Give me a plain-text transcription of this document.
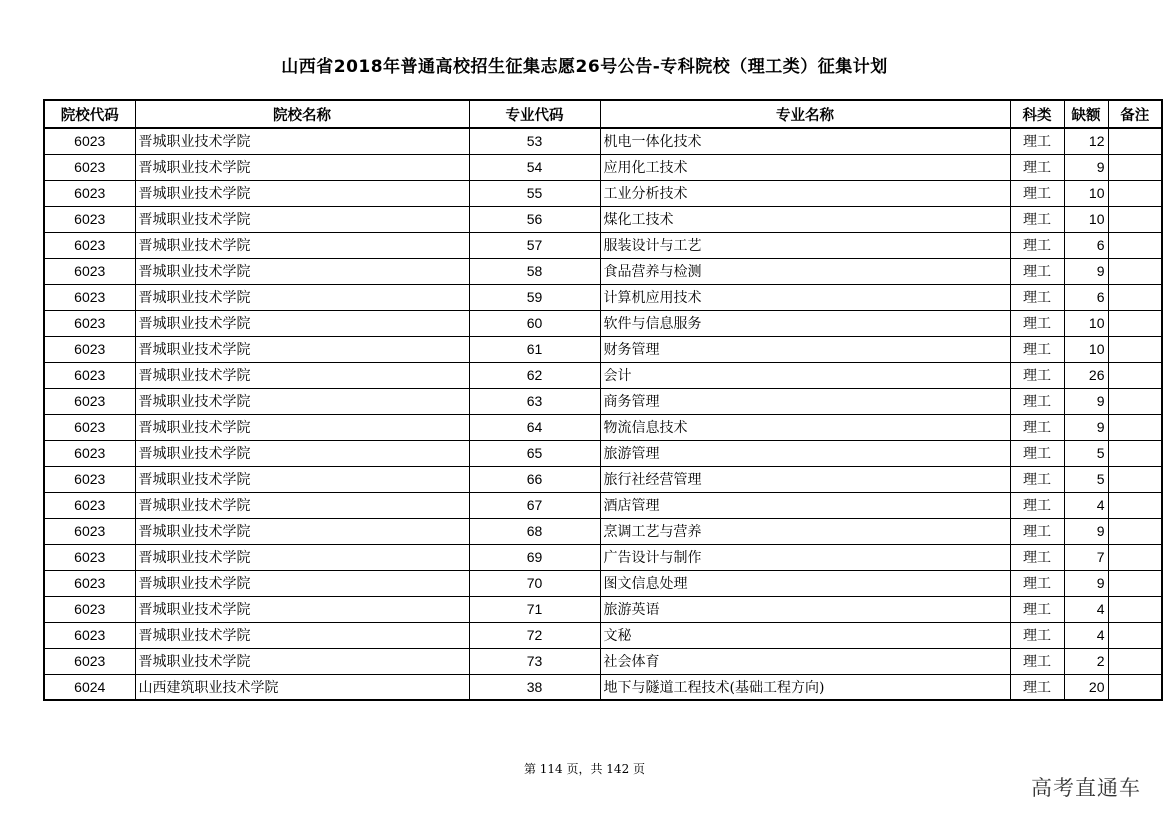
山西省2018年普通高校招生征集志愿26号公告-专科院校（理工类）征集计划
院校代码	院校名称	专业代码	专业名称	科类	缺额	备注
6023	晋城职业技术学院	53	机电一体化技术	理工	12	
6023	晋城职业技术学院	54	应用化工技术	理工	9	
6023	晋城职业技术学院	55	工业分析技术	理工	10	
6023	晋城职业技术学院	56	煤化工技术	理工	10	
6023	晋城职业技术学院	57	服装设计与工艺	理工	6	
6023	晋城职业技术学院	58	食品营养与检测	理工	9	
6023	晋城职业技术学院	59	计算机应用技术	理工	6	
6023	晋城职业技术学院	60	软件与信息服务	理工	10	
6023	晋城职业技术学院	61	财务管理	理工	10	
6023	晋城职业技术学院	62	会计	理工	26	
6023	晋城职业技术学院	63	商务管理	理工	9	
6023	晋城职业技术学院	64	物流信息技术	理工	9	
6023	晋城职业技术学院	65	旅游管理	理工	5	
6023	晋城职业技术学院	66	旅行社经营管理	理工	5	
6023	晋城职业技术学院	67	酒店管理	理工	4	
6023	晋城职业技术学院	68	烹调工艺与营养	理工	9	
6023	晋城职业技术学院	69	广告设计与制作	理工	7	
6023	晋城职业技术学院	70	图文信息处理	理工	9	
6023	晋城职业技术学院	71	旅游英语	理工	4	
6023	晋城职业技术学院	72	文秘	理工	4	
6023	晋城职业技术学院	73	社会体育	理工	2	
6024	山西建筑职业技术学院	38	地下与隧道工程技术(基础工程方向)	理工	20	
第 114 页，共 142 页
高考直通车
